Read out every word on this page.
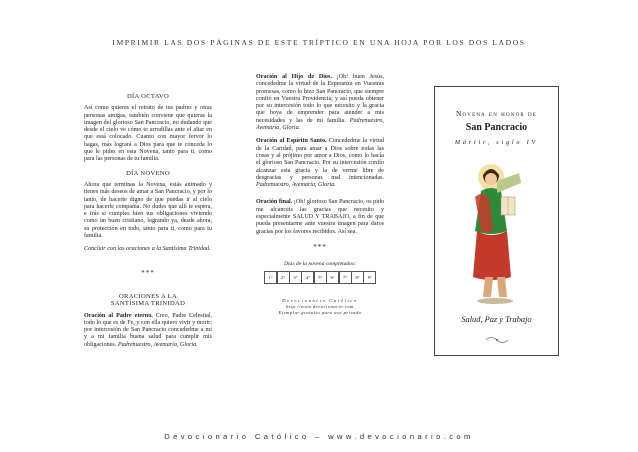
IMPRIMIR LAS DOS PÁGINAS DE ESTE TRÍPTICO EN UNA HOJA POR LOS DOS LADOS
DÍA OCTAVO

Así como quieres el retrato de tus padres y otras personas amigas, también conviene que quieras la imagen del glorioso San Pancracio, no dudando que desde el cielo ve cómo te arrodillas ante el altar en que está colocado. Cuanto con mayor fervor lo hagas, más logrará a Dios para que te conceda lo que le pides en esta Novena, tanto para ti, como para las personas de tu familia.

DÍA NOVENO

Ahora que terminas la Novena, estás animado y tienes más deseos de amar a San Pancracio, y por lo tanto, de hacerte digno de que puedas ir al cielo para hacerle compañía. No dudes que allí te espera, e irás si cumples bien tus obligaciones viviendo como un buen cristiano, logrando ya, desde ahora, su protección en todo, tanto para ti, como para tu familia.

Concluir con las oraciones a la Santísima Trinidad.

***
ORACIONES A LA
SANTÍSIMA TRINIDAD

Oración al Padre eterno. Creo, Padre Celestial, todo lo que es de Fe, y con ella quiero vivir y morir; por intercesión de San Pancracio concededme a mí y a mi familia buena salud para cumplir mis obligaciones. Padrenuestro, Avemaría, Gloria.

Oración al Hijo de Dios. ¡Oh! buen Jesús, concededme la virtud de la Esperanza en Vuestras promesas, como lo hizo San Pancracio, que siempre confió en Vuestra Providencia, y así pueda obtener por su intercesión todo lo que necesito y la gracia que hoya de emprender para atender a mis necesidades y las de mi familia. Padrenuestro, Avemaría, Gloria.

Oración al Espíritu Santo. Concededme la virtud de la Caridad, para amar a Dios sobre todas las cosas y al prójimo por amor a Dios, como lo hacía el glorioso San Pancracio. Por su intercesión confío alcanzar esta gracia y la de verme libre de desgracias y personas mal intencionadas. Padrenuestro, Avemaría, Gloria.

Oración final. ¡Oh! glorioso San Pancracio, os pido me alcancéis las gracias que necesito y especialmente SALUD Y TRABAJO, a fin de que pueda presentarme ante vuestra imagen para daros gracias por los favores recibidos. Así sea.

***
Días de la novena completados:
1°	2°	3°	4°	5°	6°	7°	8°	9°
Devocionario Católico
http://www.devocionario.com
Ejemplar gratuito para uso privado
Novena en honor de
San Pancracio
Mártir, siglo IV
Salud, Paz y Trabajo
Devocionario Católico – www.devocionario.com
